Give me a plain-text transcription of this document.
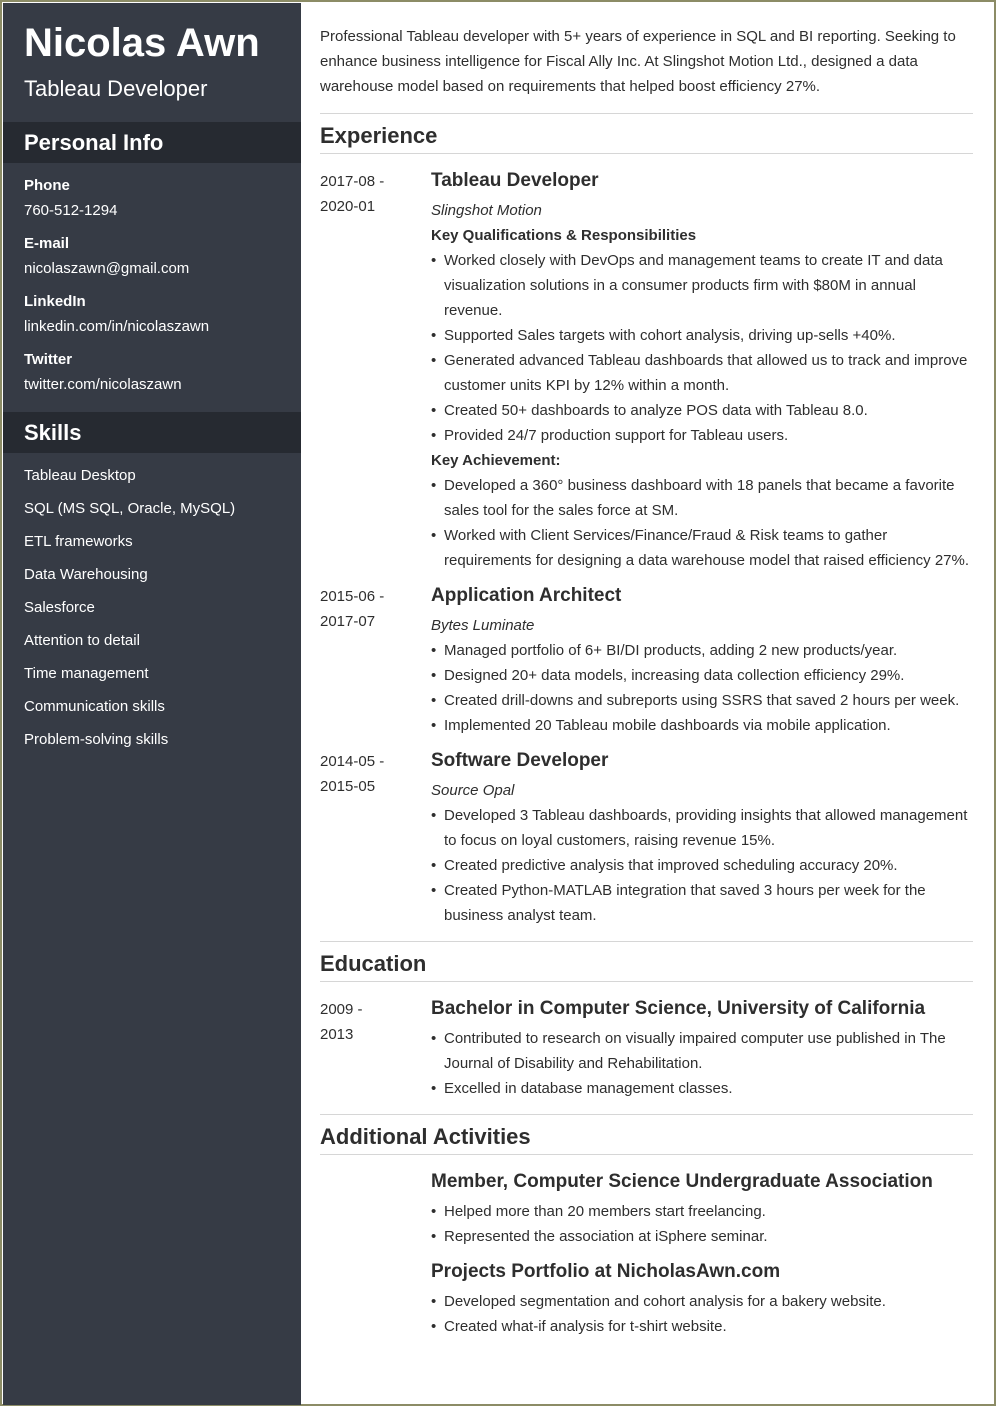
Nicolas Awn
Tableau Developer
Personal Info
Phone
760-512-1294
E-mail
nicolaszawn@gmail.com
LinkedIn
linkedin.com/in/nicolaszawn
Twitter
twitter.com/nicolaszawn
Skills
Tableau Desktop
SQL (MS SQL, Oracle, MySQL)
ETL frameworks
Data Warehousing
Salesforce
Attention to detail
Time management
Communication skills
Problem-solving skills

Professional Tableau developer with 5+ years of experience in SQL and BI reporting. Seeking to enhance business intelligence for Fiscal Ally Inc. At Slingshot Motion Ltd., designed a data warehouse model based on requirements that helped boost efficiency 27%.

Experience
2017-08 -
2020-01
Tableau Developer
Slingshot Motion
Key Qualifications & Responsibilities
• Worked closely with DevOps and management teams to create IT and data visualization solutions in a consumer products firm with $80M in annual revenue.
• Supported Sales targets with cohort analysis, driving up-sells +40%.
• Generated advanced Tableau dashboards that allowed us to track and improve customer units KPI by 12% within a month.
• Created 50+ dashboards to analyze POS data with Tableau 8.0.
• Provided 24/7 production support for Tableau users.
Key Achievement:
• Developed a 360° business dashboard with 18 panels that became a favorite sales tool for the sales force at SM.
• Worked with Client Services/Finance/Fraud & Risk teams to gather requirements for designing a data warehouse model that raised efficiency 27%.
2015-06 -
2017-07
Application Architect
Bytes Luminate
• Managed portfolio of 6+ BI/DI products, adding 2 new products/year.
• Designed 20+ data models, increasing data collection efficiency 29%.
• Created drill-downs and subreports using SSRS that saved 2 hours per week.
• Implemented 20 Tableau mobile dashboards via mobile application.
2014-05 -
2015-05
Software Developer
Source Opal
• Developed 3 Tableau dashboards, providing insights that allowed management to focus on loyal customers, raising revenue 15%.
• Created predictive analysis that improved scheduling accuracy 20%.
• Created Python-MATLAB integration that saved 3 hours per week for the business analyst team.
Education
2009 -
2013
Bachelor in Computer Science, University of California
• Contributed to research on visually impaired computer use published in The Journal of Disability and Rehabilitation.
• Excelled in database management classes.
Additional Activities
Member, Computer Science Undergraduate Association
• Helped more than 20 members start freelancing.
• Represented the association at iSphere seminar.
Projects Portfolio at NicholasAwn.com
• Developed segmentation and cohort analysis for a bakery website.
• Created what-if analysis for t-shirt website.
